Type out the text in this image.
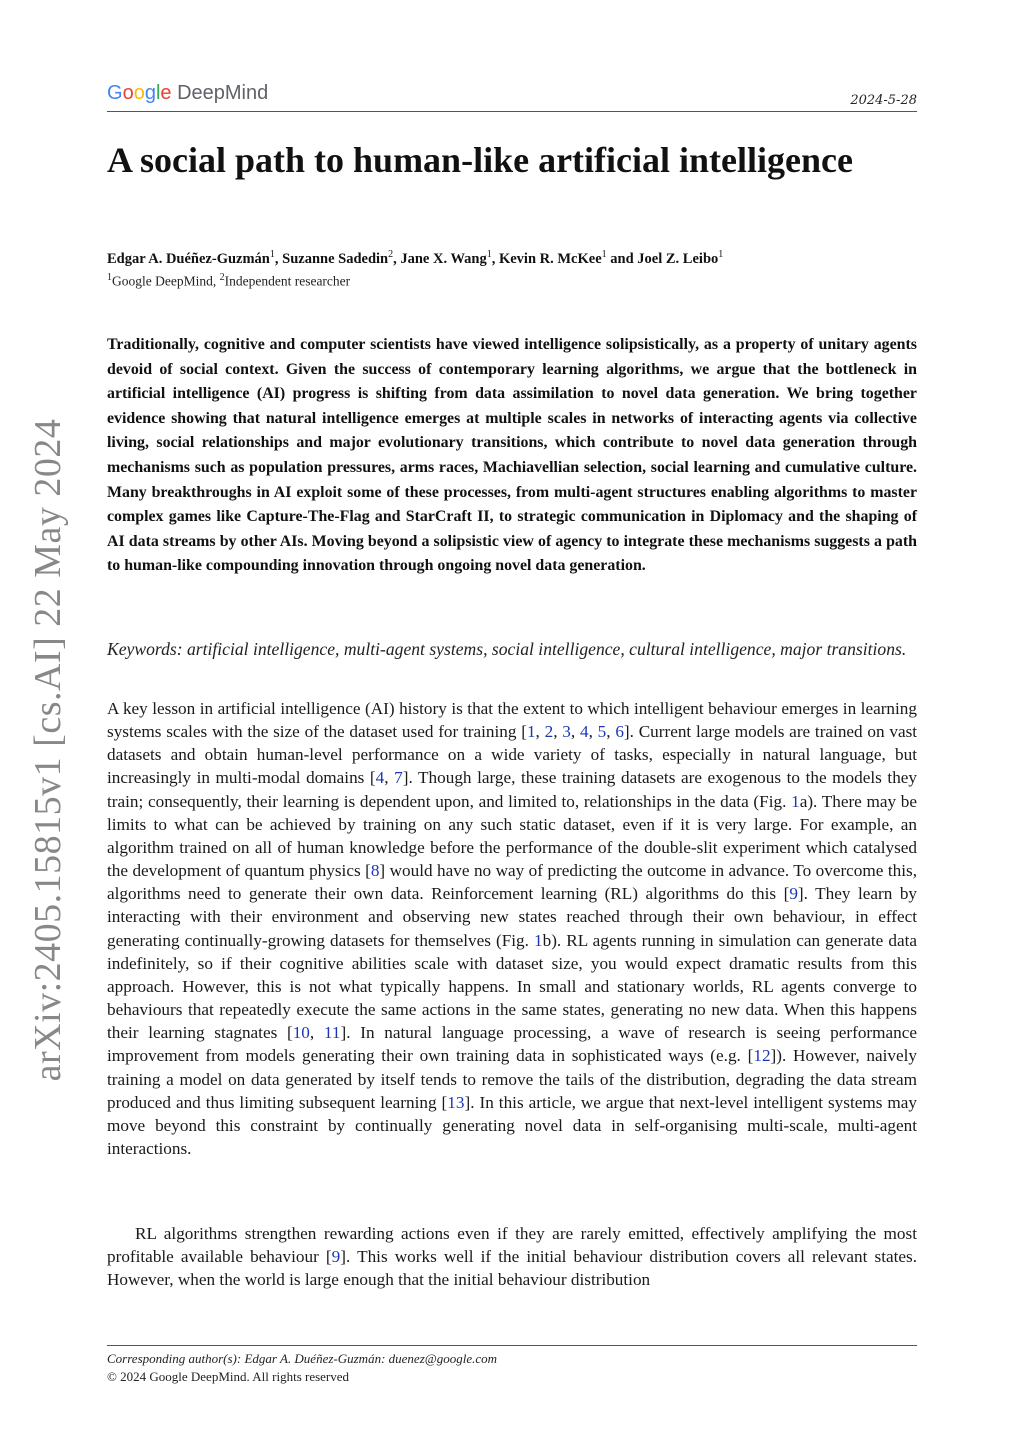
Google DeepMind	2024-5-28
arXiv:2405.15815v1 [cs.AI] 22 May 2024
A social path to human-like artificial intelligence
Edgar A. Duéñez-Guzmán$^1$, Suzanne Sadedin$^2$, Jane X. Wang$^1$, Kevin R. McKee$^1$ and Joel Z. Leibo$^1$
$^1$Google DeepMind, $^2$Independent researcher

Traditionally, cognitive and computer scientists have viewed intelligence solipsistically, as a property of unitary agents devoid of social context. Given the success of contemporary learning algorithms, we argue that the bottleneck in artificial intelligence (AI) progress is shifting from data assimilation to novel data generation. We bring together evidence showing that natural intelligence emerges at multiple scales in networks of interacting agents via collective living, social relationships and major evolutionary transitions, which contribute to novel data generation through mechanisms such as population pressures, arms races, Machiavellian selection, social learning and cumulative culture. Many breakthroughs in AI exploit some of these processes, from multi-agent structures enabling algorithms to master complex games like Capture-The-Flag and StarCraft II, to strategic communication in Diplomacy and the shaping of AI data streams by other AIs. Moving beyond a solipsistic view of agency to integrate these mechanisms suggests a path to human-like compounding innovation through ongoing novel data generation.

Keywords: artificial intelligence, multi-agent systems, social intelligence, cultural intelligence, major transitions.

A key lesson in artificial intelligence (AI) history is that the extent to which intelligent behaviour emerges in learning systems scales with the size of the dataset used for training [1, 2, 3, 4, 5, 6]. Current large models are trained on vast datasets and obtain human-level performance on a wide variety of tasks, especially in natural language, but increasingly in multi-modal domains [4, 7]. Though large, these training datasets are exogenous to the models they train; consequently, their learning is dependent upon, and limited to, relationships in the data (Fig. 1a). There may be limits to what can be achieved by training on any such static dataset, even if it is very large. For example, an algorithm trained on all of human knowledge before the performance of the double-slit experiment which catalysed the development of quantum physics [8] would have no way of predicting the outcome in advance. To overcome this, algorithms need to generate their own data. Reinforcement learning (RL) algorithms do this [9]. They learn by interacting with their environment and observing new states reached through their own behaviour, in effect generating continually-growing datasets for themselves (Fig. 1b). RL agents running in simulation can generate data indefinitely, so if their cognitive abilities scale with dataset size, you would expect dramatic results from this approach. However, this is not what typically happens. In small and stationary worlds, RL agents converge to behaviours that repeatedly execute the same actions in the same states, generating no new data. When this happens their learning stagnates [10, 11]. In natural language processing, a wave of research is seeing performance improvement from models generating their own training data in sophisticated ways (e.g. [12]). However, naively training a model on data generated by itself tends to remove the tails of the distribution, degrading the data stream produced and thus limiting subsequent learning [13]. In this article, we argue that next-level intelligent systems may move beyond this constraint by continually generating novel data in self-organising multi-scale, multi-agent interactions.

RL algorithms strengthen rewarding actions even if they are rarely emitted, effectively amplifying the most profitable available behaviour [9]. This works well if the initial behaviour distribution covers all relevant states. However, when the world is large enough that the initial behaviour distribution

Corresponding author(s): Edgar A. Duéñez-Guzmán: duenez@google.com
© 2024 Google DeepMind. All rights reserved
